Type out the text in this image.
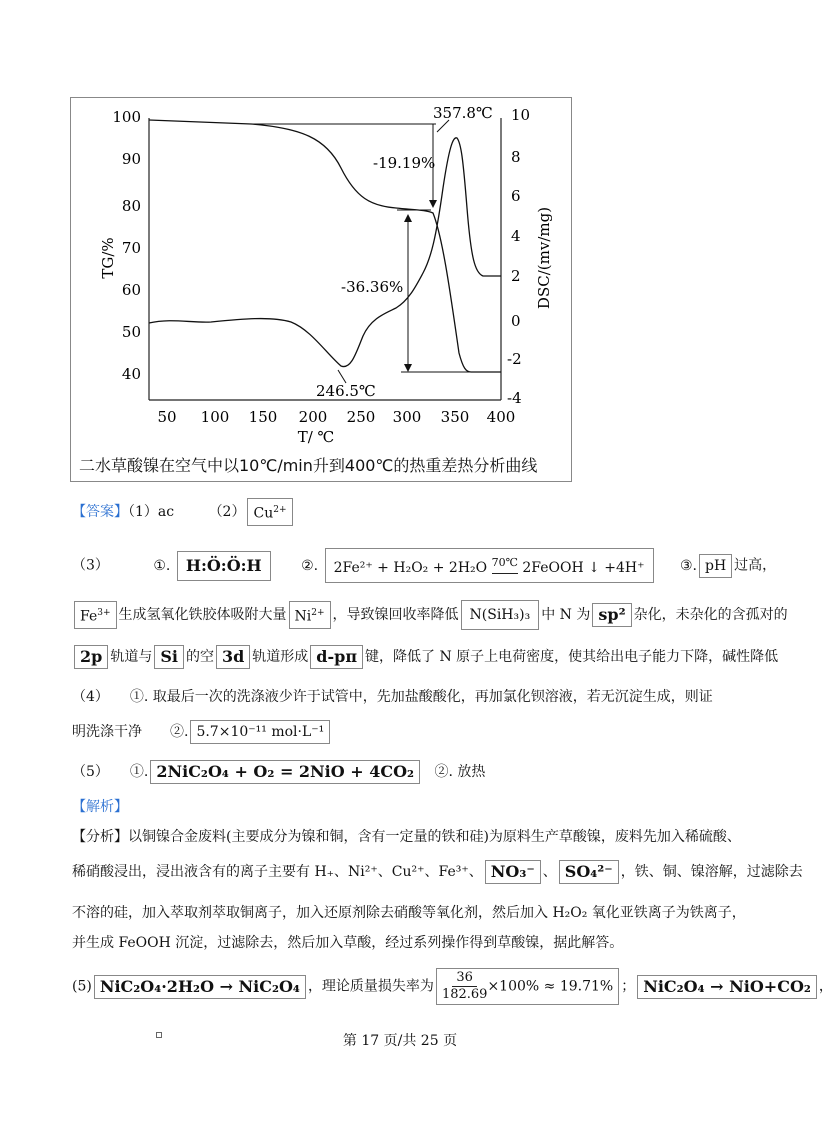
100
90
80
70
60
50
40
10
8
6
4
2
0
-2
-4
50 100 150 200 250 300 350 400
T/ ℃
TG/%	DSC/(mv/mg)
357.8℃
-19.19%
-36.36%
246.5℃
二水草酸镍在空气中以10℃/min升到400℃的热重差热分析曲线
【答案】（1）ac （2） $Cu^{2+}$
（3）	①. H:Ö:Ö:H	②. 2Fe²⁺ + H₂O₂ + 2H₂O 70℃ 2FeOOH ↓ +4H⁺	③. pH 过高，
$Fe^{3+}$ 生成氢氧化铁胶体吸附大量 $Ni^{2+}$ ，导致镍回收率降低 N(SiH₃)₃ 中 N 为 sp² 杂化，未杂化的含孤对的
2p 轨道与 Si 的空 3d 轨道形成 d-pπ 键，降低了 N 原子上电荷密度，使其给出电子能力下降，碱性降低
（4）　　①. 取最后一次的洗涤液少许于试管中，先加盐酸酸化，再加氯化钡溶液，若无沉淀生成，则证
明洗涤干净　　②. 5.7×10⁻¹¹ mol·L⁻¹
（5）　　①. 2NiC₂O₄ + O₂ = 2NiO + 4CO₂ ②. 放热
【解析】
【分析】以铜镍合金废料(主要成分为镍和铜，含有一定量的铁和硅)为原料生产草酸镍，废料先加入稀硫酸、
稀硝酸浸出，浸出液含有的离子主要有 H₊、Ni²⁺、Cu²⁺、Fe³⁺、 NO₃⁻ 、 SO₄²⁻ ，铁、铜、镍溶解，过滤除去
不溶的硅，加入萃取剂萃取铜离子，加入还原剂除去硝酸等氧化剂，然后加入 H₂O₂ 氧化亚铁离子为铁离子，
并生成 FeOOH 沉淀，过滤除去，然后加入草酸，经过系列操作得到草酸镍，据此解答。
(5) NiC₂O₄·2H₂O → NiC₂O₄ ，理论质量损失率为 $\frac{36}{182.69} \times 100\% \approx 19.71\%$ ； NiC₂O₄ → NiO+CO₂ ，
第 17 页/共 25 页
